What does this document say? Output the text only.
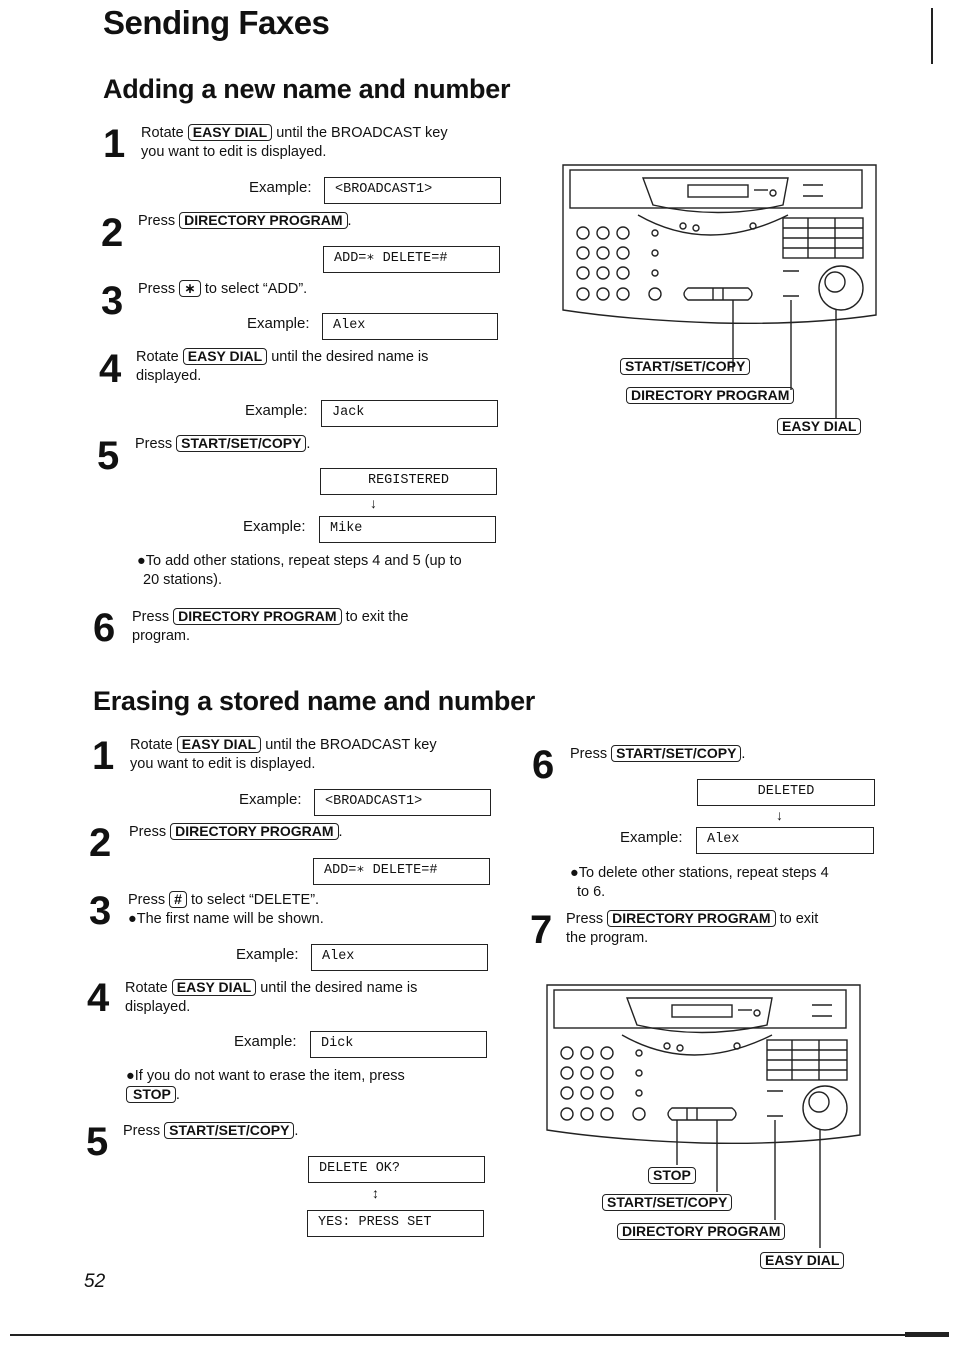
Sending Faxes
Adding a new name and number
1 Rotate EASY DIAL until the BROADCAST key
you want to edit is displayed.
Example:	<BROADCAST1>
2 Press DIRECTORY PROGRAM .
ADD=∗ DELETE=#
3 Press ∗ to select “ADD”.
Example:	Alex
4 Rotate EASY DIAL until the desired name is
displayed.
Example:	Jack
5 Press START/SET/COPY .
REGISTERED
↓
Example:	Mike
●To add other stations, repeat steps 4 and 5 (up to
20 stations).
6 Press DIRECTORY PROGRAM to exit the
program.
START/SET/COPY
DIRECTORY PROGRAM
EASY DIAL
Erasing a stored name and number
1 Rotate EASY DIAL until the BROADCAST key
you want to edit is displayed.
Example:	<BROADCAST1>
2 Press DIRECTORY PROGRAM .
ADD=∗ DELETE=#
3 Press # to select “DELETE”.
●The first name will be shown.
Example:	Alex
4 Rotate EASY DIAL until the desired name is
displayed.
Example:	Dick
●If you do not want to erase the item, press
STOP .
5 Press START/SET/COPY .
DELETE OK?
↕
YES: PRESS SET
6 Press START/SET/COPY .
DELETED
↓
Example:	Alex
●To delete other stations, repeat steps 4
to 6.
7 Press DIRECTORY PROGRAM to exit
the program.
STOP
START/SET/COPY
DIRECTORY PROGRAM
EASY DIAL
52
